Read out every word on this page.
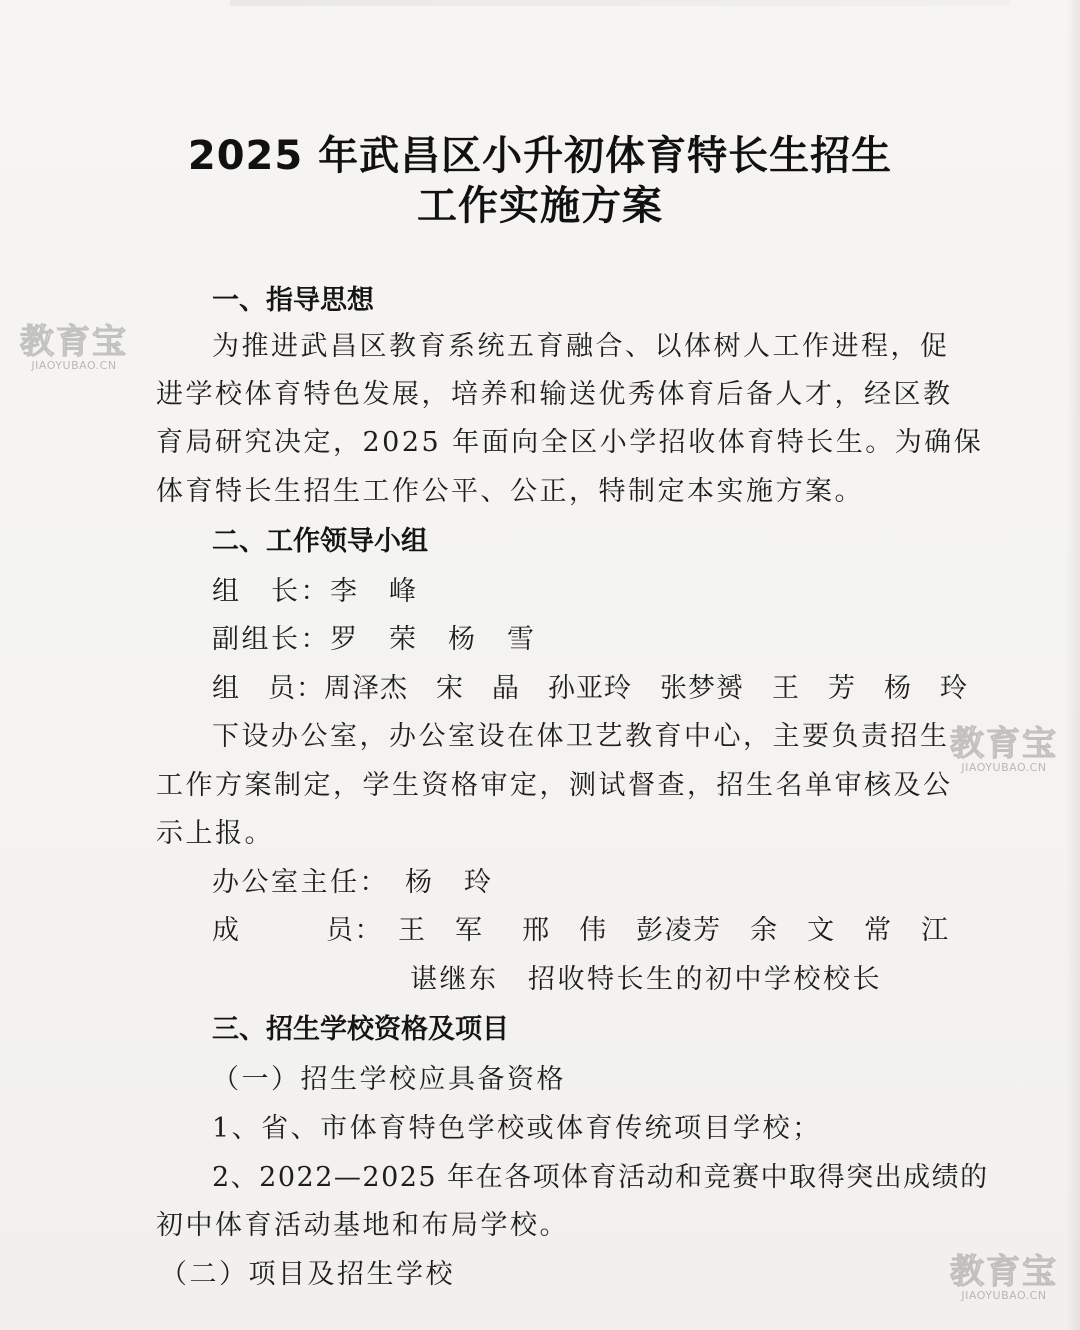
2025 年武昌区小升初体育特长生招生
工作实施方案
一、指导思想
为推进武昌区教育系统五育融合、以体树人工作进程，促
进学校体育特色发展，培养和输送优秀体育后备人才，经区教
育局研究决定，2025 年面向全区小学招收体育特长生。为确保
体育特长生招生工作公平、公正，特制定本实施方案。
二、工作领导小组
组　长：李　峰
副组长：罗　荣　杨　雪
组　员：周泽杰　宋　晶　孙亚玲　张梦赟　王　芳　杨　玲
下设办公室，办公室设在体卫艺教育中心，主要负责招生
工作方案制定，学生资格审定，测试督查，招生名单审核及公
示上报。
办公室主任：　杨　玲
成　　　员：　王　军　 邢　伟　彭凌芳　余　文　常　江
谌继东　招收特长生的初中学校校长
三、招生学校资格及项目
（一）招生学校应具备资格
1、省、市体育特色学校或体育传统项目学校；
2、2022—2025 年在各项体育活动和竞赛中取得突出成绩的
初中体育活动基地和布局学校。
（二）项目及招生学校
教育宝
JIAOYUBAO.CN
教育宝
JIAOYUBAO.CN
教育宝
JIAOYUBAO.CN
